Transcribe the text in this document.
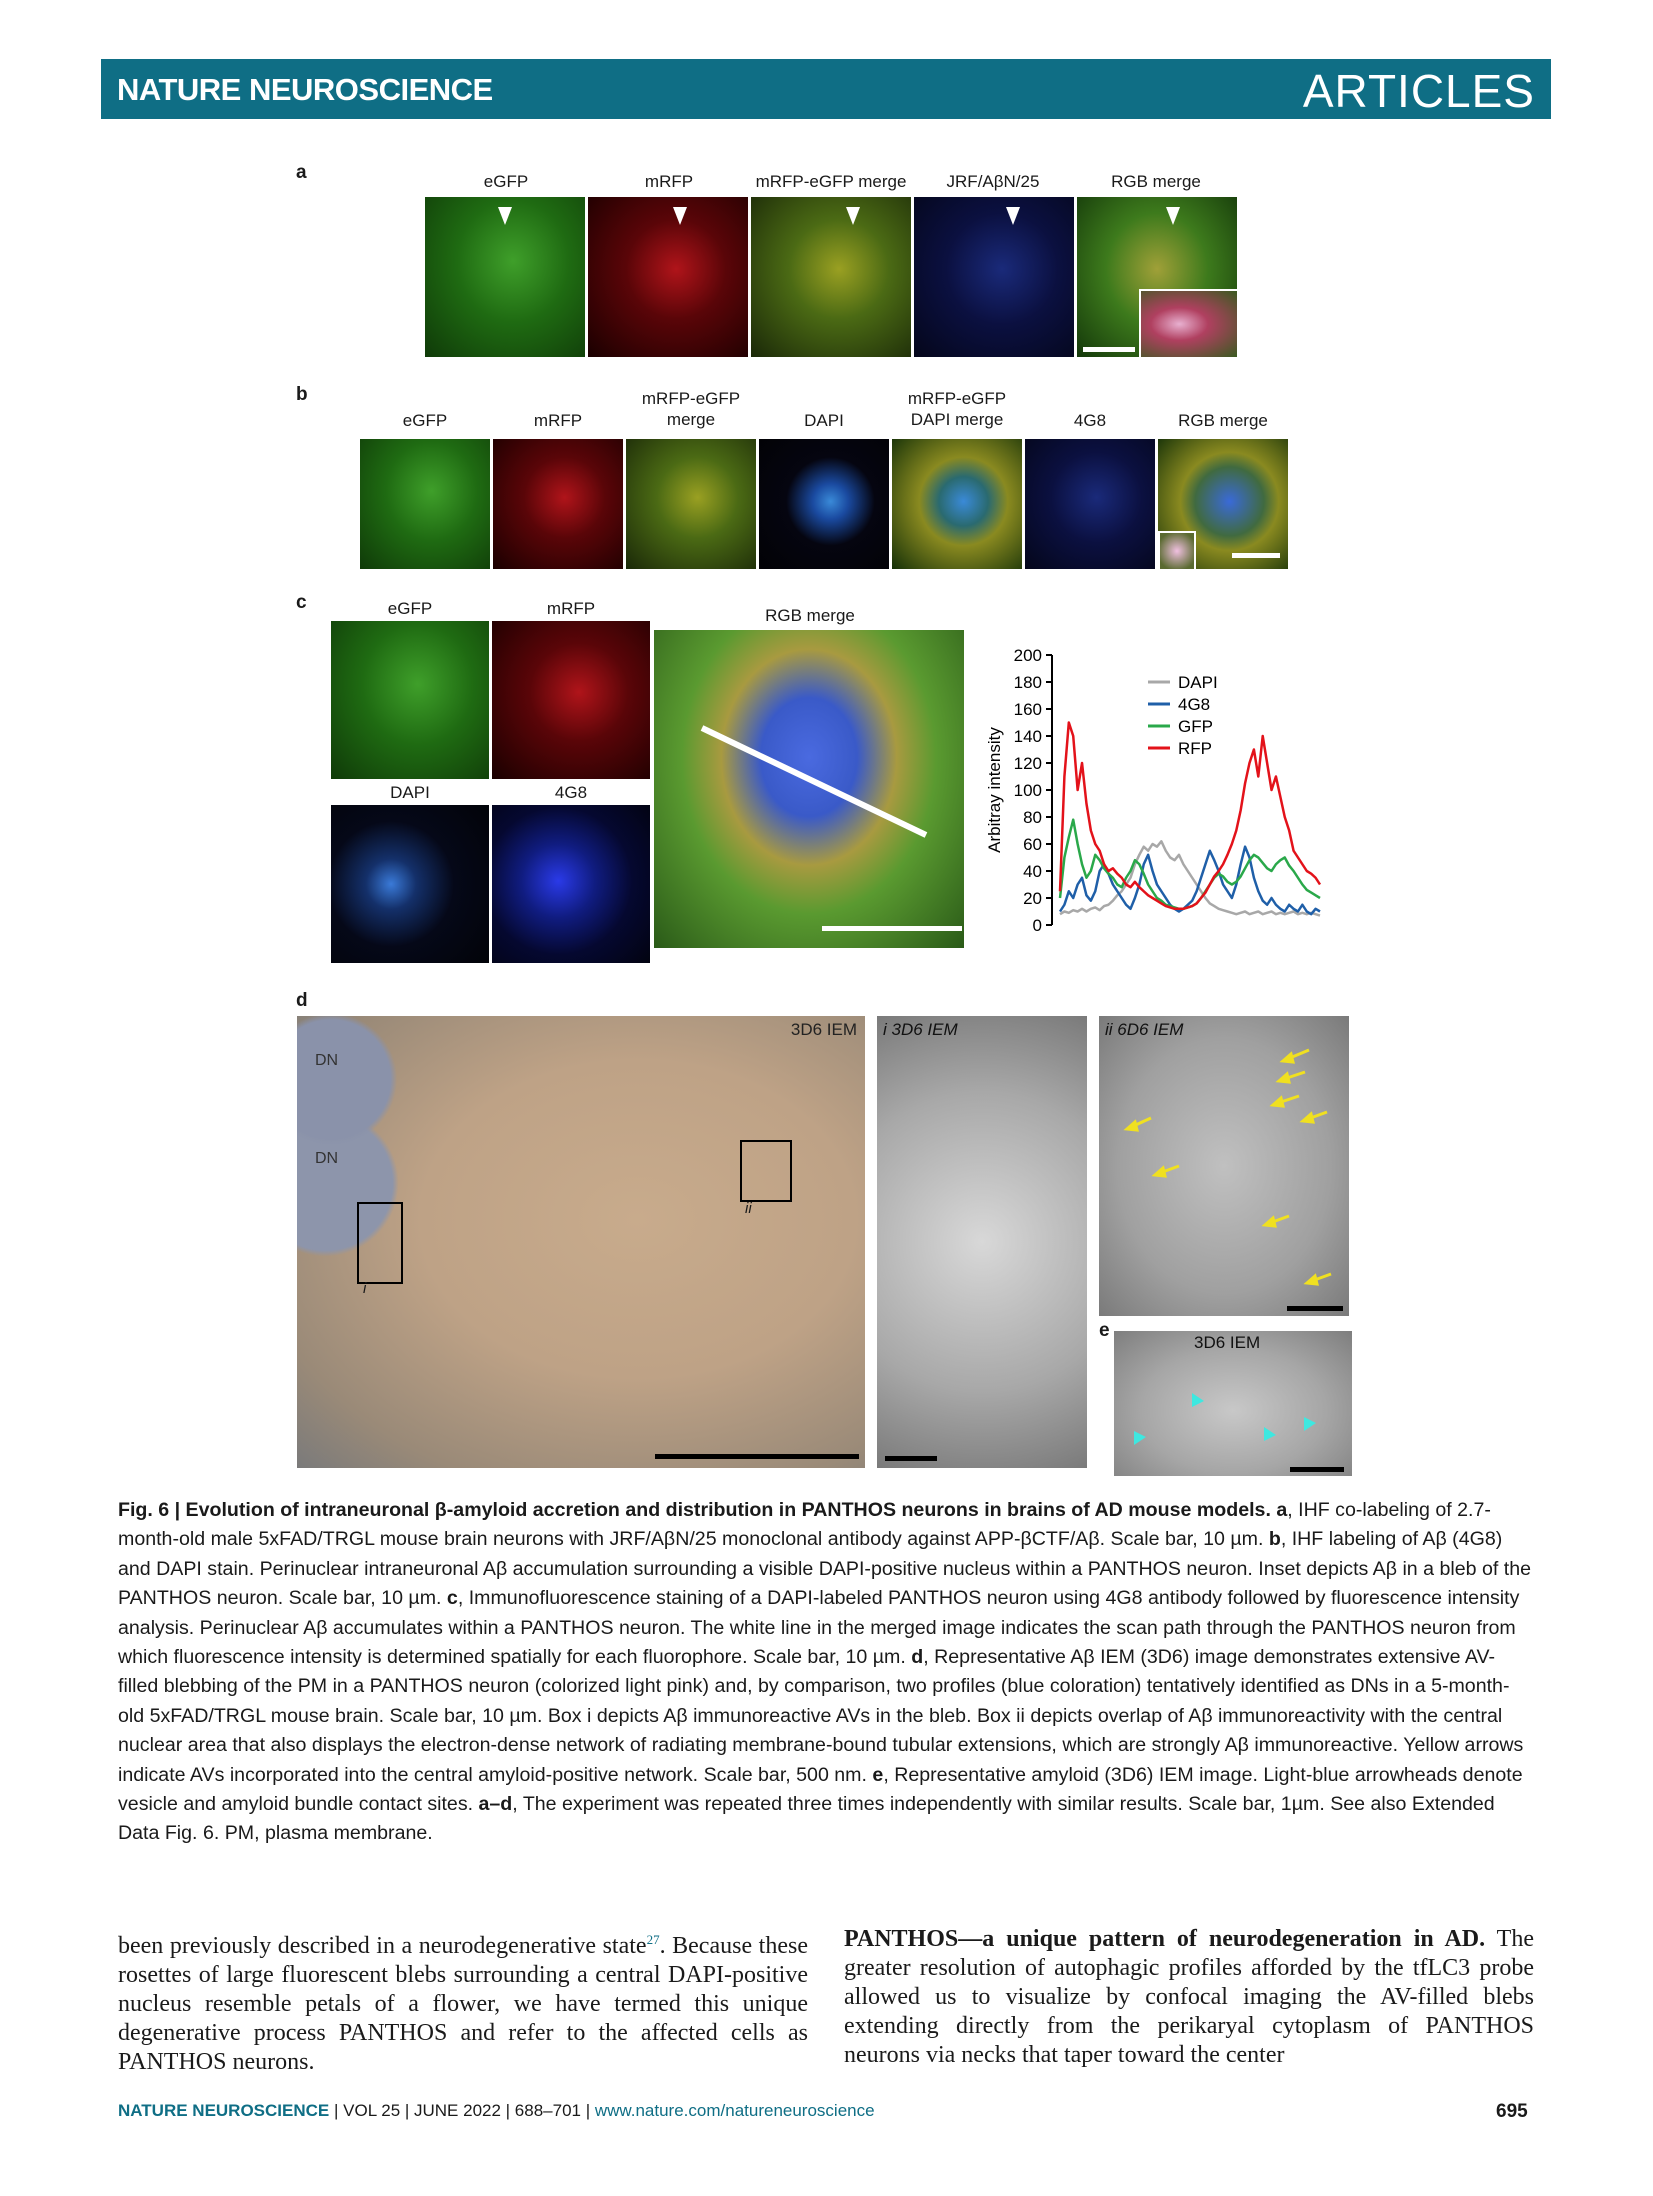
NATURE NEUROSCIENCE	ARTICLES
a	eGFP	mRFP	mRFP-eGFP merge	JRF/AβN/25	RGB merge
b
eGFP	mRFP
mRFP-eGFP merge	DAPI
mRFP-eGFP DAPI merge	4G8	RGB merge
c	eGFP	mRFP	RGB merge
DAPI	4G8	Arbitray intensity
0
20
40
60
80
100
120
140
160
180
200
DAPI
4G8
GFP
RFP
d
3D6 IEM
DN
DN
i
ii
i 3D6 IEM	ii 6D6 IEM
e
3D6 IEM
Fig. 6 | Evolution of intraneuronal β-amyloid accretion and distribution in PANTHOS neurons in brains of AD mouse models. a, IHF co-labeling of 2.7-month-old male 5xFAD/TRGL mouse brain neurons with JRF/AβN/25 monoclonal antibody against APP-βCTF/Aβ. Scale bar, 10 µm. b, IHF labeling of Aβ (4G8) and DAPI stain. Perinuclear intraneuronal Aβ accumulation surrounding a visible DAPI-positive nucleus within a PANTHOS neuron. Inset depicts Aβ in a bleb of the PANTHOS neuron. Scale bar, 10 µm. c, Immunofluorescence staining of a DAPI-labeled PANTHOS neuron using 4G8 antibody followed by fluorescence intensity analysis. Perinuclear Aβ accumulates within a PANTHOS neuron. The white line in the merged image indicates the scan path through the PANTHOS neuron from which fluorescence intensity is determined spatially for each fluorophore. Scale bar, 10 µm. d, Representative Aβ IEM (3D6) image demonstrates extensive AV-filled blebbing of the PM in a PANTHOS neuron (colorized light pink) and, by comparison, two profiles (blue coloration) tentatively identified as DNs in a 5-month-old 5xFAD/TRGL mouse brain. Scale bar, 10 µm. Box i depicts Aβ immunoreactive AVs in the bleb. Box ii depicts overlap of Aβ immunoreactivity with the central nuclear area that also displays the electron-dense network of radiating membrane-bound tubular extensions, which are strongly Aβ immunoreactive. Yellow arrows indicate AVs incorporated into the central amyloid-positive network. Scale bar, 500 nm. e, Representative amyloid (3D6) IEM image. Light-blue arrowheads denote vesicle and amyloid bundle contact sites. a–d, The experiment was repeated three times independently with similar results. Scale bar, 1µm. See also Extended Data Fig. 6. PM, plasma membrane.
been previously described in a neurodegenerative state$^{27}$. Because these rosettes of large fluorescent blebs surrounding a central DAPI-positive nucleus resemble petals of a flower, we have termed this unique degenerative process PANTHOS and refer to the affected cells as PANTHOS neurons.
PANTHOS—a unique pattern of neurodegeneration in AD. The greater resolution of autophagic profiles afforded by the tfLC3 probe allowed us to visualize by confocal imaging the AV-filled blebs extending directly from the perikaryal cytoplasm of PANTHOS neurons via necks that taper toward the center
NATURE NEUROSCIENCE | VOL 25 | JUNE 2022 | 688–701 | www.nature.com/natureneuroscience	695
